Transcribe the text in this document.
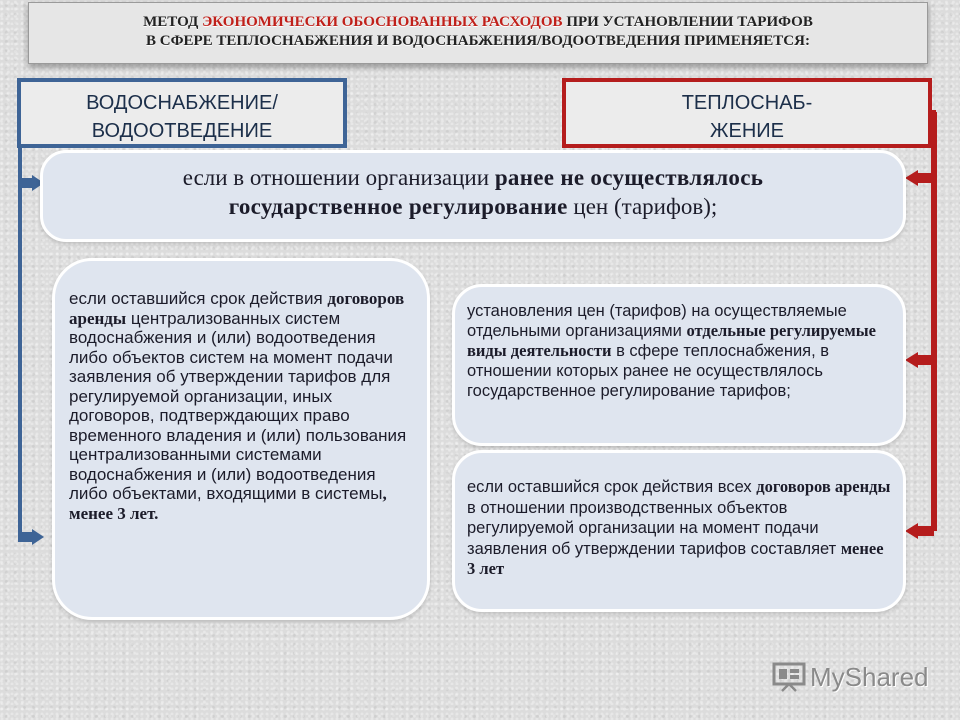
МЕТОД ЭКОНОМИЧЕСКИ ОБОСНОВАННЫХ РАСХОДОВ ПРИ УСТАНОВЛЕНИИ ТАРИФОВ
В СФЕРЕ ТЕПЛОСНАБЖЕНИЯ И ВОДОСНАБЖЕНИЯ/ВОДООТВЕДЕНИЯ ПРИМЕНЯЕТСЯ:
ВОДОСНАБЖЕНИЕ/
ВОДООТВЕДЕНИЕ
ТЕПЛОСНАБ-
ЖЕНИЕ
если в отношении организации ранее не осуществлялось
государственное регулирование цен (тарифов);
если оставшийся срок действия договоров аренды централизованных систем водоснабжения и (или) водоотведения либо объектов систем на момент подачи заявления об утверждении тарифов для регулируемой организации, иных договоров, подтверждающих право временного владения и (или) пользования централизованными системами водоснабжения и (или) водоотведения либо объектами, входящими в системы, менее 3 лет.
установления цен (тарифов) на осуществляемые отдельными организациями отдельные регулируемые виды деятельности в сфере теплоснабжения, в отношении которых ранее не осуществлялось государственное регулирование тарифов;
если оставшийся срок действия всех договоров аренды в отношении производственных объектов регулируемой организации на момент подачи заявления об утверждении тарифов составляет менее 3 лет
MyShared
